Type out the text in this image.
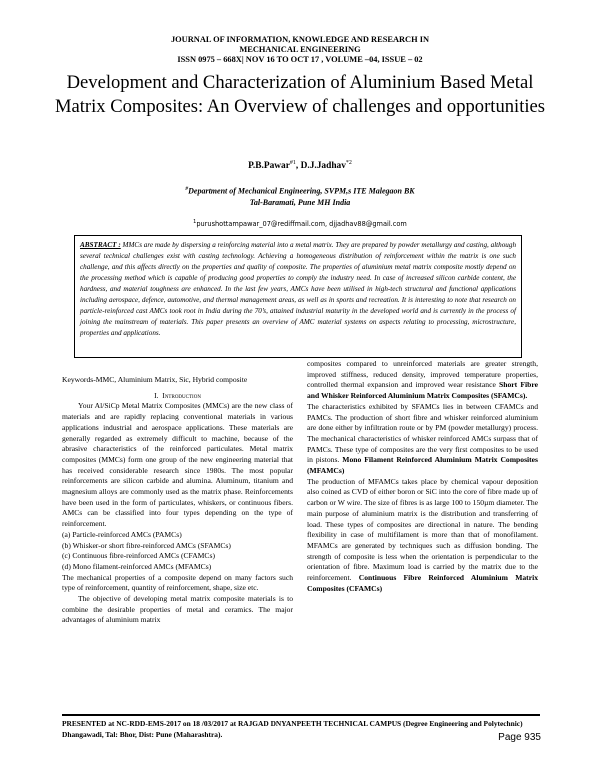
JOURNAL OF INFORMATION, KNOWLEDGE AND RESEARCH IN
MECHANICAL ENGINEERING
ISSN 0975 – 668X| NOV 16 TO OCT 17 , VOLUME –04, ISSUE – 02
Development and Characterization of Aluminium Based Metal Matrix Composites: An Overview of challenges and opportunities
P.B.Pawar$^{\#1}$, D.J.Jadhav$^{*2}$
#Department of Mechanical Engineering, SVPM,s ITE Malegaon BK
Tal-Baramati, Pune MH India
$^1$purushottampawar_07@rediffmail.com, djjadhav88@gmail.com
ABSTRACT : MMCs are made by dispersing a reinforcing material into a metal matrix. They are prepared by powder metallurgy and casting, although several technical challenges exist with casting technology. Achieving a homogeneous distribution of reinforcement within the matrix is one such challenge, and this affects directly on the properties and quality of composite. The properties of aluminium metal matrix composite mostly depend on the processing method which is capable of producing good properties to comply the industry need. In case of increased silicon carbide content, the hardness, and material toughness are enhanced. In the last few years, AMCs have been utilised in high-tech structural and functional applications including aerospace, defence, automotive, and thermal management areas, as well as in sports and recreation. It is interesting to note that research on particle-reinforced cast AMCs took root in India during the 70’s, attained industrial maturity in the developed world and is currently in the process of joining the mainstream of materials. This paper presents an overview of AMC material systems on aspects relating to processing, microstructure, properties and applications.

Keywords-MMC, Aluminium Matrix, Sic, Hybrid composite

I. Introduction

Your Al/SiCp Metal Matrix Composites (MMCs) are the new class of materials and are rapidly replacing conventional materials in various applications industrial and aerospace applications. These materials are generally regarded as extremely difficult to machine, because of the abrasive characteristics of the reinforced particulates. Metal matrix composites (MMCs) form one group of the new engineering material that has received considerable research since 1980s. The most popular reinforcements are silicon carbide and alumina. Aluminum, titanium and magnesium alloys are commonly used as the matrix phase. Reinforcements have been used in the form of particulates, whiskers, or continuous fibers. AMCs can be classified into four types depending on the type of reinforcement.

(a) Particle-reinforced AMCs (PAMCs)

(b) Whisker-or short fibre-reinforced AMCs (SFAMCs)

(c) Continuous fibre-reinforced AMCs (CFAMCs)

(d) Mono filament-reinforced AMCs (MFAMCs)

The mechanical properties of a composite depend on many factors such type of reinforcement, quantity of reinforcement, shape, size etc.

The objective of developing metal matrix composite materials is to combine the desirable properties of metal and ceramics. The major advantages of aluminium matrix

composites compared to unreinforced materials are greater strength, improved stiffness, reduced density, improved temperature properties, controlled thermal expansion and improved wear resistance Short Fibre and Whisker Reinforced Aluminium Matrix Composites (SFAMCs).

The characteristics exhibited by SFAMCs lies in between CFAMCs and PAMCs. The production of short fibre and whisker reinforced aluminium are done either by infiltration route or by PM (powder metallurgy) process. The mechanical characteristics of whisker reinforced AMCs surpass that of PAMCs. These type of composites are the very first composites to be used in pistons. Mono Filament Reinforced Aluminium Matrix Composites (MFAMCs)

The production of MFAMCs takes place by chemical vapour deposition also coined as CVD of either boron or SiC into the core of fibre made up of carbon or W wire. The size of fibres is as large 100 to 150µm diameter. The main purpose of aluminium matrix is the distribution and transferring of load. These types of composites are directional in nature. The bending flexibility in case of multifilament is more than that of monofilament. MFAMCs are generated by techniques such as diffusion bonding. The strength of composite is less when the orientation is perpendicular to the orientation of fibre. Maximum load is carried by the matrix due to the reinforcement. Continuous Fibre Reinforced Aluminium Matrix Composites (CFAMCs)

PRESENTED at NC-RDD-EMS-2017 on 18 /03/2017 at RAJGAD DNYANPEETH TECHNICAL CAMPUS (Degree Engineering and Polytechnic) Dhangawadi, Tal: Bhor, Dist: Pune (Maharashtra).	Page 935
